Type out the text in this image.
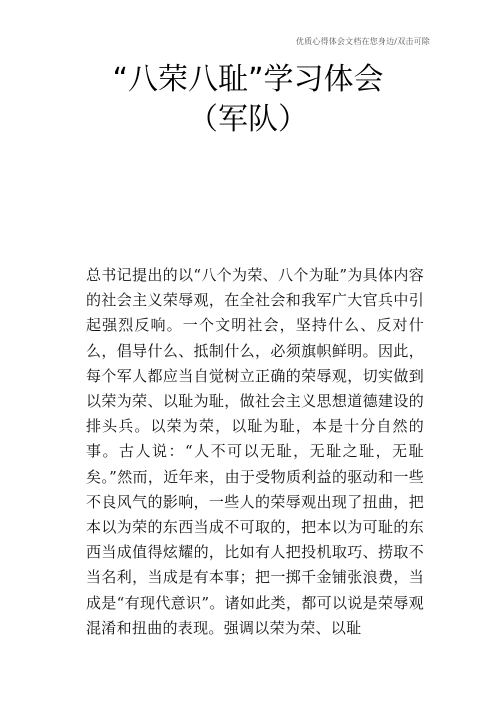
优质心得体会文档在您身边/双击可除
“八荣八耻”学习体会
（军队）
总书记提出的以“八个为荣、八个为耻”为具体内容的社会主义荣辱观，在全社会和我军广大官兵中引起强烈反响。一个文明社会，坚持什么、反对什么，倡导什么、抵制什么，必须旗帜鲜明。因此，每个军人都应当自觉树立正确的荣辱观，切实做到以荣为荣、以耻为耻，做社会主义思想道德建设的排头兵。以荣为荣，以耻为耻，本是十分自然的事。古人说：“人不可以无耻，无耻之耻，无耻矣。”然而，近年来，由于受物质利益的驱动和一些不良风气的影响，一些人的荣辱观出现了扭曲，把本以为荣的东西当成不可取的，把本以为可耻的东西当成值得炫耀的，比如有人把投机取巧、捞取不当名利，当成是有本事；把一掷千金铺张浪费，当成是“有现代意识”。诸如此类，都可以说是荣辱观混淆和扭曲的表现。强调以荣为荣、以耻
